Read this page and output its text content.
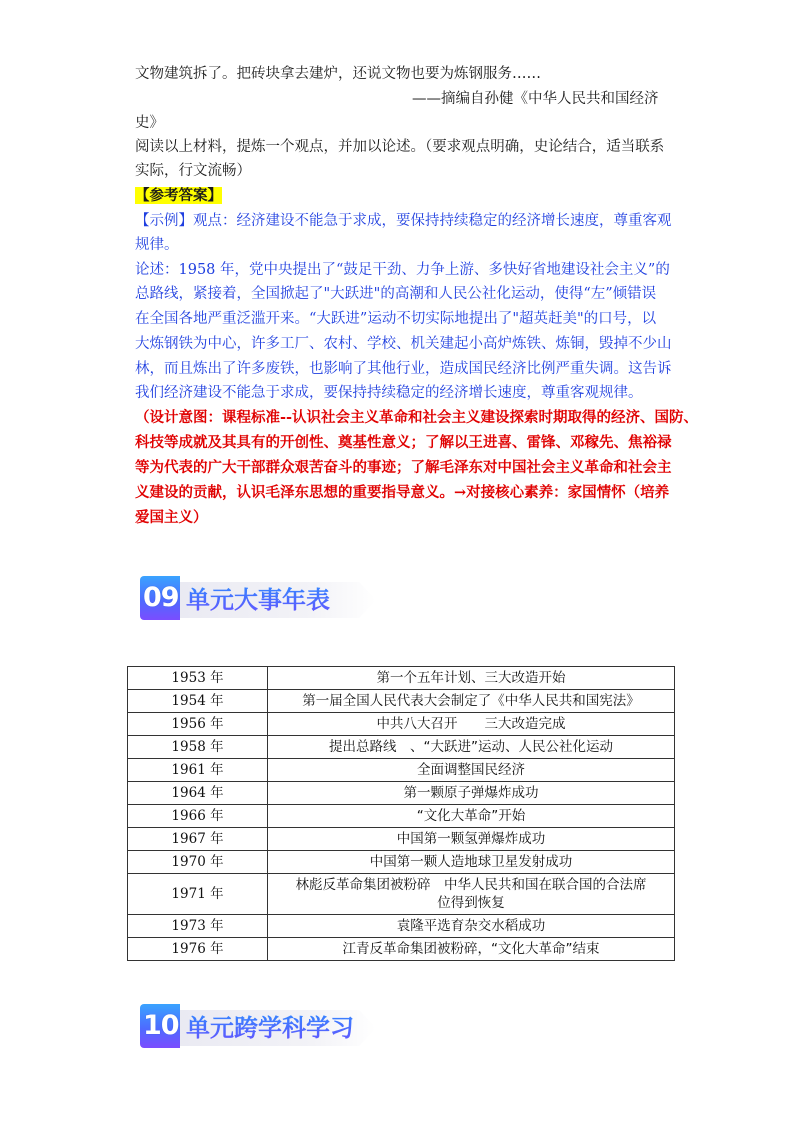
文物建筑拆了。把砖块拿去建炉，还说文物也要为炼钢服务……
——摘编自孙健《中华人民共和国经济
史》
阅读以上材料，提炼一个观点，并加以论述。（要求观点明确，史论结合，适当联系
实际，行文流畅）
【参考答案】
【示例】观点：经济建设不能急于求成，要保持持续稳定的经济增长速度，尊重客观
规律。
论述：1958 年，党中央提出了“鼓足干劲、力争上游、多快好省地建设社会主义”的
总路线，紧接着，全国掀起了"大跃进"的高潮和人民公社化运动，使得“左”倾错误
在全国各地严重泛滥开来。“大跃进”运动不切实际地提出了"超英赶美"的口号，以
大炼钢铁为中心，许多工厂、农村、学校、机关建起小高炉炼铁、炼铜，毁掉不少山
林，而且炼出了许多废铁，也影响了其他行业，造成国民经济比例严重失调。这告诉
我们经济建设不能急于求成，要保持持续稳定的经济增长速度，尊重客观规律。
（设计意图：课程标准--认识社会主义革命和社会主义建设探索时期取得的经济、国防、
科技等成就及其具有的开创性、奠基性意义；了解以王进喜、雷锋、邓稼先、焦裕禄
等为代表的广大干部群众艰苦奋斗的事迹；了解毛泽东对中国社会主义革命和社会主
义建设的贡献，认识毛泽东思想的重要指导意义。→对接核心素养：家国情怀（培养
爱国主义）
09 单元大事年表
1953 年	第一个五年计划、三大改造开始
1954 年	第一届全国人民代表大会制定了《中华人民共和国宪法》
1956 年	中共八大召开　　三大改造完成
1958 年	提出总路线　、“大跃进”运动、人民公社化运动
1961 年	全面调整国民经济
1964 年	第一颗原子弹爆炸成功
1966 年	“文化大革命”开始
1967 年	中国第一颗氢弹爆炸成功
1970 年	中国第一颗人造地球卫星发射成功
1971 年	林彪反革命集团被粉碎　中华人民共和国在联合国的合法席位得到恢复
1973 年	袁隆平选育杂交水稻成功
1976 年	江青反革命集团被粉碎，“文化大革命”结束
10 单元跨学科学习
